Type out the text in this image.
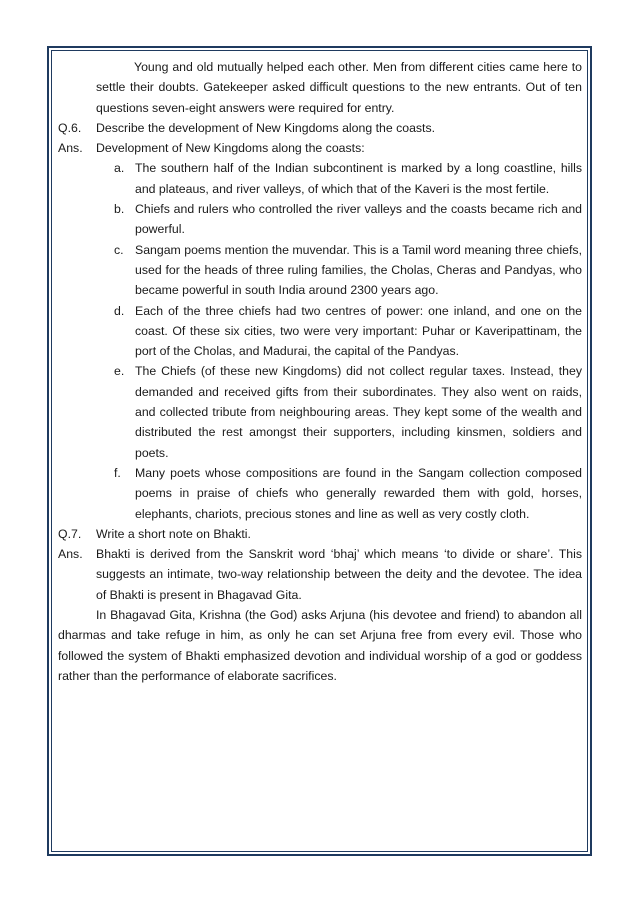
Young and old mutually helped each other. Men from different cities came here to settle their doubts. Gatekeeper asked difficult questions to the new entrants. Out of ten questions seven-eight answers were required for entry.

Q.6.	Describe the development of New Kingdoms along the coasts.
Ans.	Development of New Kingdoms along the coasts:
a. The southern half of the Indian subcontinent is marked by a long coastline, hills and plateaus, and river valleys, of which that of the Kaveri is the most fertile.
b. Chiefs and rulers who controlled the river valleys and the coasts became rich and powerful.
c. Sangam poems mention the muvendar. This is a Tamil word meaning three chiefs, used for the heads of three ruling families, the Cholas, Cheras and Pandyas, who became powerful in south India around 2300 years ago.
d. Each of the three chiefs had two centres of power: one inland, and one on the coast. Of these six cities, two were very important: Puhar or Kaveripattinam, the port of the Cholas, and Madurai, the capital of the Pandyas.
e. The Chiefs (of these new Kingdoms) did not collect regular taxes. Instead, they demanded and received gifts from their subordinates. They also went on raids, and collected tribute from neighbouring areas. They kept some of the wealth and distributed the rest amongst their supporters, including kinsmen, soldiers and poets.
f.	Many poets whose compositions are found in the Sangam collection composed poems in praise of chiefs who generally rewarded them with gold, horses, elephants, chariots, precious stones and line as well as very costly cloth.
Q.7.	Write a short note on Bhakti.
Ans.	Bhakti is derived from the Sanskrit word ‘bhaj’ which means ‘to divide or share’. This suggests an intimate, two-way relationship between the deity and the devotee. The idea of Bhakti is present in Bhagavad Gita.

In Bhagavad Gita, Krishna (the God) asks Arjuna (his devotee and friend) to abandon all dharmas and take refuge in him, as only he can set Arjuna free from every evil. Those who followed the system of Bhakti emphasized devotion and individual worship of a god or goddess rather than the performance of elaborate sacrifices.
